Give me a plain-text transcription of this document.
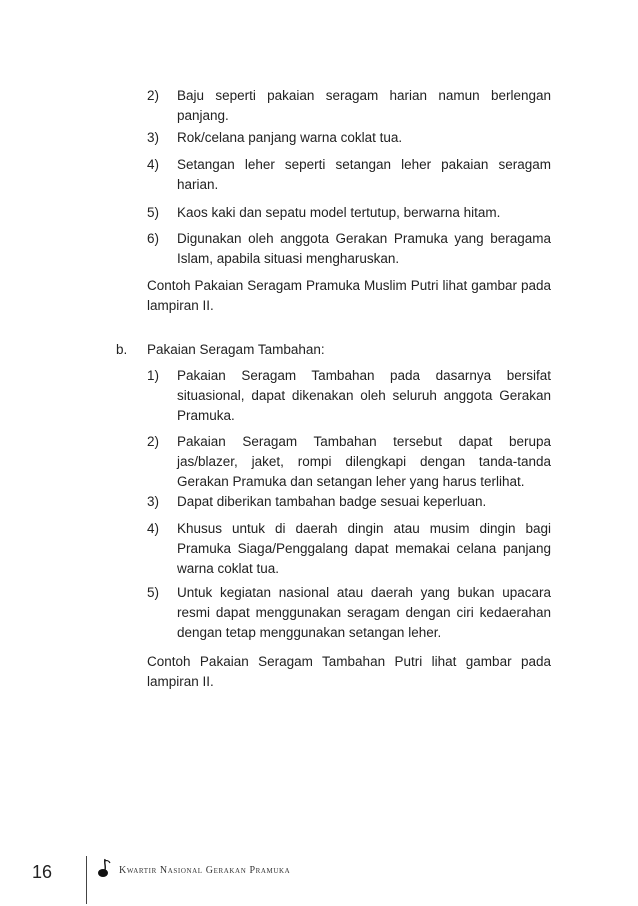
2) Baju seperti pakaian seragam harian namun berlengan panjang.
3) Rok/celana panjang warna coklat tua.
4) Setangan leher seperti setangan leher pakaian seragam harian.
5) Kaos kaki dan sepatu model tertutup, berwarna hitam.
6) Digunakan oleh anggota Gerakan Pramuka yang beragama Islam, apabila situasi mengharuskan.
Contoh Pakaian Seragam Pramuka Muslim Putri lihat gambar pada lampiran II.
b. Pakaian Seragam Tambahan:
1) Pakaian Seragam Tambahan pada dasarnya bersifat situasional, dapat dikenakan oleh seluruh anggota Gerakan Pramuka.
2) Pakaian Seragam Tambahan tersebut dapat berupa jas/blazer, jaket, rompi dilengkapi dengan tanda-tanda Gerakan Pramuka dan setangan leher yang harus terlihat.
3) Dapat diberikan tambahan badge sesuai keperluan.
4) Khusus untuk di daerah dingin atau musim dingin bagi Pramuka Siaga/Penggalang dapat memakai celana panjang warna coklat tua.
5) Untuk kegiatan nasional atau daerah yang bukan upacara resmi dapat menggunakan seragam dengan ciri kedaerahan dengan tetap menggunakan setangan leher.
Contoh Pakaian Seragam Tambahan Putri lihat gambar pada lampiran II.
16	Kwartir Nasional Gerakan Pramuka
